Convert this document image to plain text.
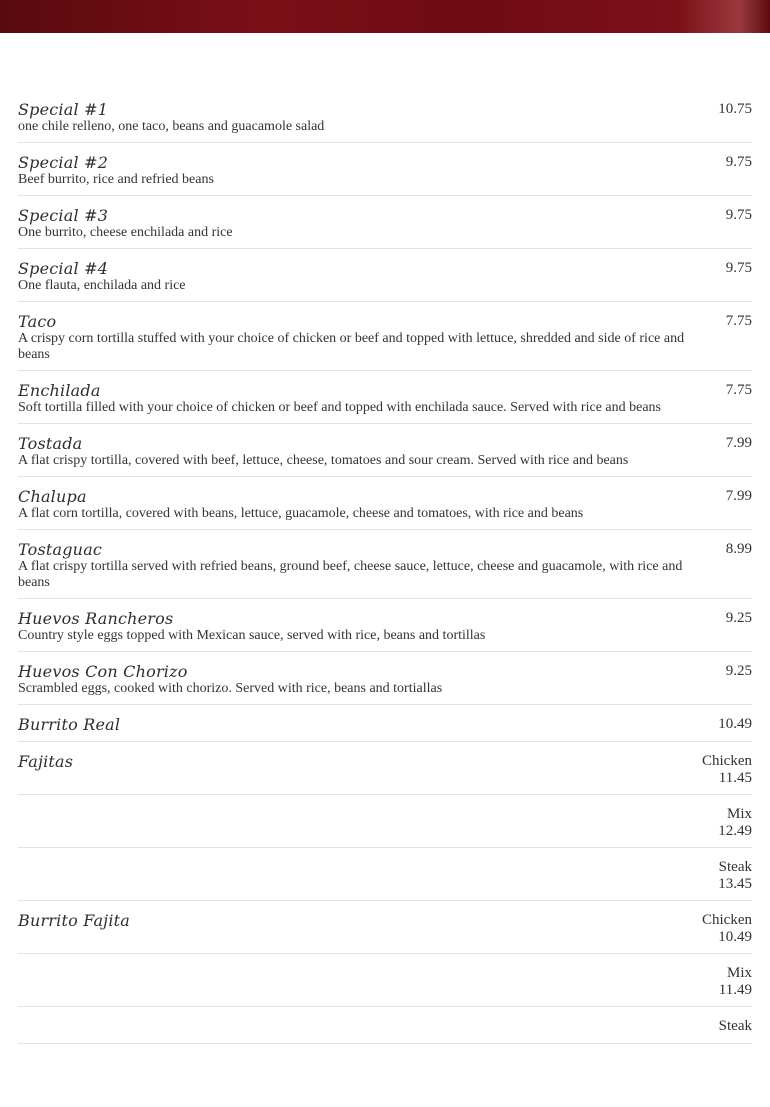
Special #1
one chile relleno, one taco, beans and guacamole salad
10.75
Special #2
Beef burrito, rice and refried beans
9.75
Special #3
One burrito, cheese enchilada and rice
9.75
Special #4
One flauta, enchilada and rice
9.75
Taco
A crispy corn tortilla stuffed with your choice of chicken or beef and topped with lettuce, shredded and side of rice and beans
7.75
Enchilada
Soft tortilla filled with your choice of chicken or beef and topped with enchilada sauce. Served with rice and beans
7.75
Tostada
A flat crispy tortilla, covered with beef, lettuce, cheese, tomatoes and sour cream. Served with rice and beans
7.99
Chalupa
A flat corn tortilla, covered with beans, lettuce, guacamole, cheese and tomatoes, with rice and beans
7.99
Tostaguac
A flat crispy tortilla served with refried beans, ground beef, cheese sauce, lettuce, cheese and guacamole, with rice and beans
8.99
Huevos Rancheros
Country style eggs topped with Mexican sauce, served with rice, beans and tortillas
9.25
Huevos Con Chorizo
Scrambled eggs, cooked with chorizo. Served with rice, beans and tortiallas
9.25
Burrito Real	10.49
Fajitas	Chicken
11.45
Mix
12.49
Steak
13.45
Burrito Fajita	Chicken
10.49
Mix
11.49
Steak
